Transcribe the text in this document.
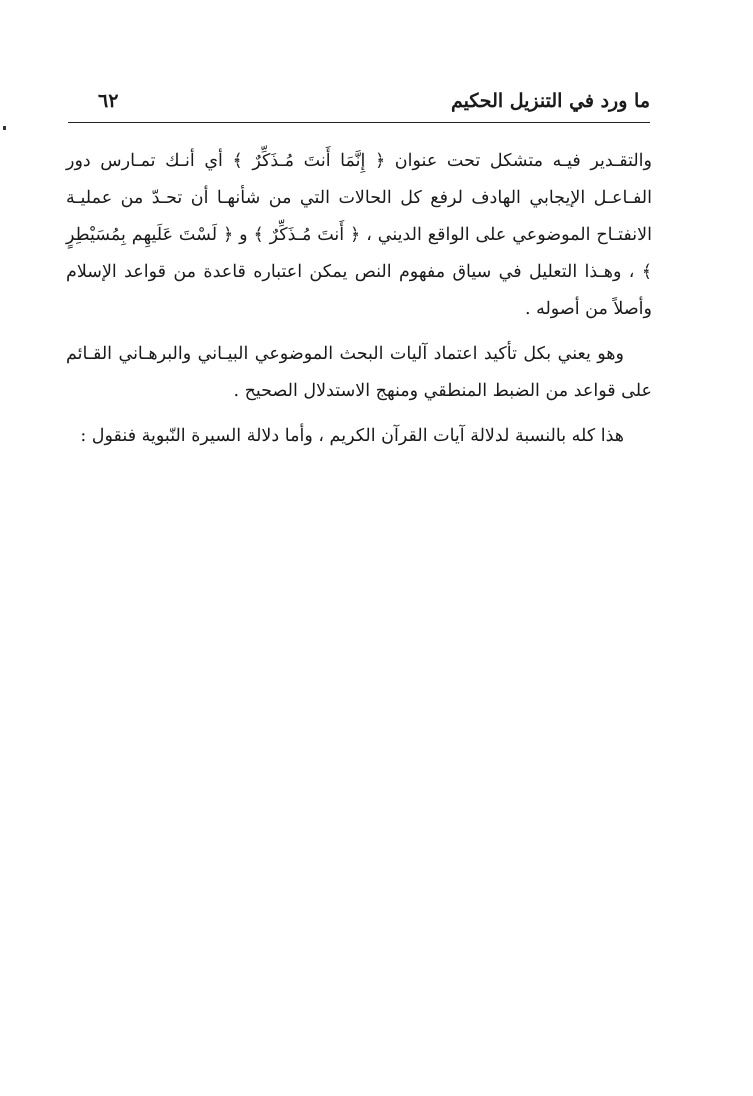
ما ورد في التنزيل الحكيم
٦٢

والتقـدير فيـه متشكل تحت عنوان ﴿ إِنَّمَا أَنتَ مُـذَكِّرٌ ﴾ أي أنـك تمـارس دور الفـاعـل الإيجابي الهادف لرفع كل الحالات التي من شأنهـا أن تحـدّ من عمليـة الانفتـاح الموضوعي على الواقع الديني ، ﴿ أَنتَ مُـذَكِّرٌ ﴾ و ﴿ لَسْتَ عَلَيهِم بِمُسَيْطِرٍ ﴾ ، وهـذا التعليل في سياق مفهوم النص يمكن اعتباره قاعدة من قواعد الإسلام وأصلاً من أصوله .

وهو يعني بكل تأكيد اعتماد آليات البحث الموضوعي البيـاني والبرهـاني القـائم على قواعد من الضبط المنطقي ومنهج الاستدلال الصحيح .

هذا كله بالنسبة لدلالة آيات القرآن الكريم ، وأما دلالة السيرة النّبوية فنقول :
